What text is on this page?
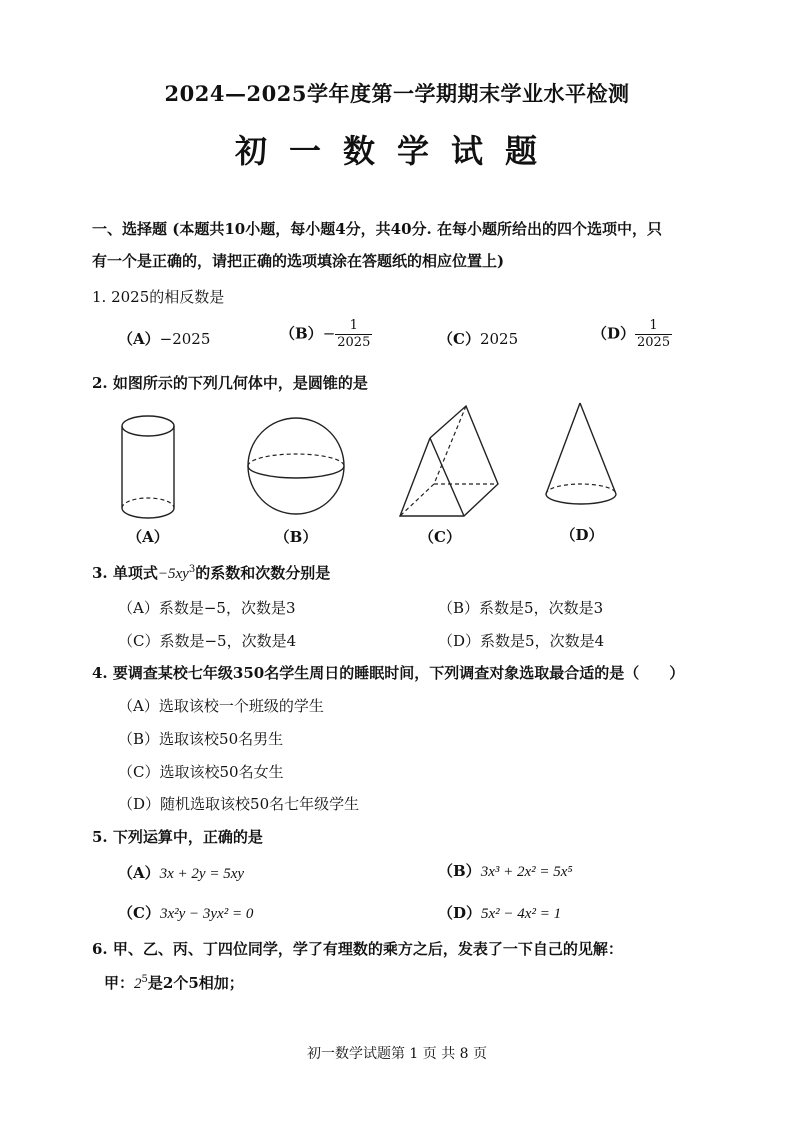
2024—2025学年度第一学期期末学业水平检测
初一数学试题
一、选择题 (本题共10小题，每小题4分，共40分. 在每小题所给出的四个选项中，只
有一个是正确的，请把正确的选项填涂在答题纸的相应位置上)
1. 2025的相反数是
（A）−2025	$(B)- \frac{1}{2025}$	（C）2025	$(D) \frac{1}{2025}$
2. 如图所示的下列几何体中，是圆锥的是
（A）	（B）	（C）	（D）
3. 单项式$-5xy^3$的系数和次数分别是
（A）系数是−5，次数是3	（B）系数是5，次数是3
（C）系数是−5，次数是4	（D）系数是5，次数是4
4. 要调查某校七年级350名学生周日的睡眠时间，下列调查对象选取最合适的是（　　）
（A）选取该校一个班级的学生
（B）选取该校50名男生
（C）选取该校50名女生
（D）随机选取该校50名七年级学生
5. 下列运算中，正确的是
（A）3x + 2y = 5xy	（B）3x³ + 2x² = 5x⁵
（C）3x²y − 3yx² = 0	（D）5x² − 4x² = 1
6. 甲、乙、丙、丁四位同学，学了有理数的乘方之后，发表了一下自己的见解：
甲：$2^5$是2个5相加；
初一数学试题第 1 页 共 8 页
